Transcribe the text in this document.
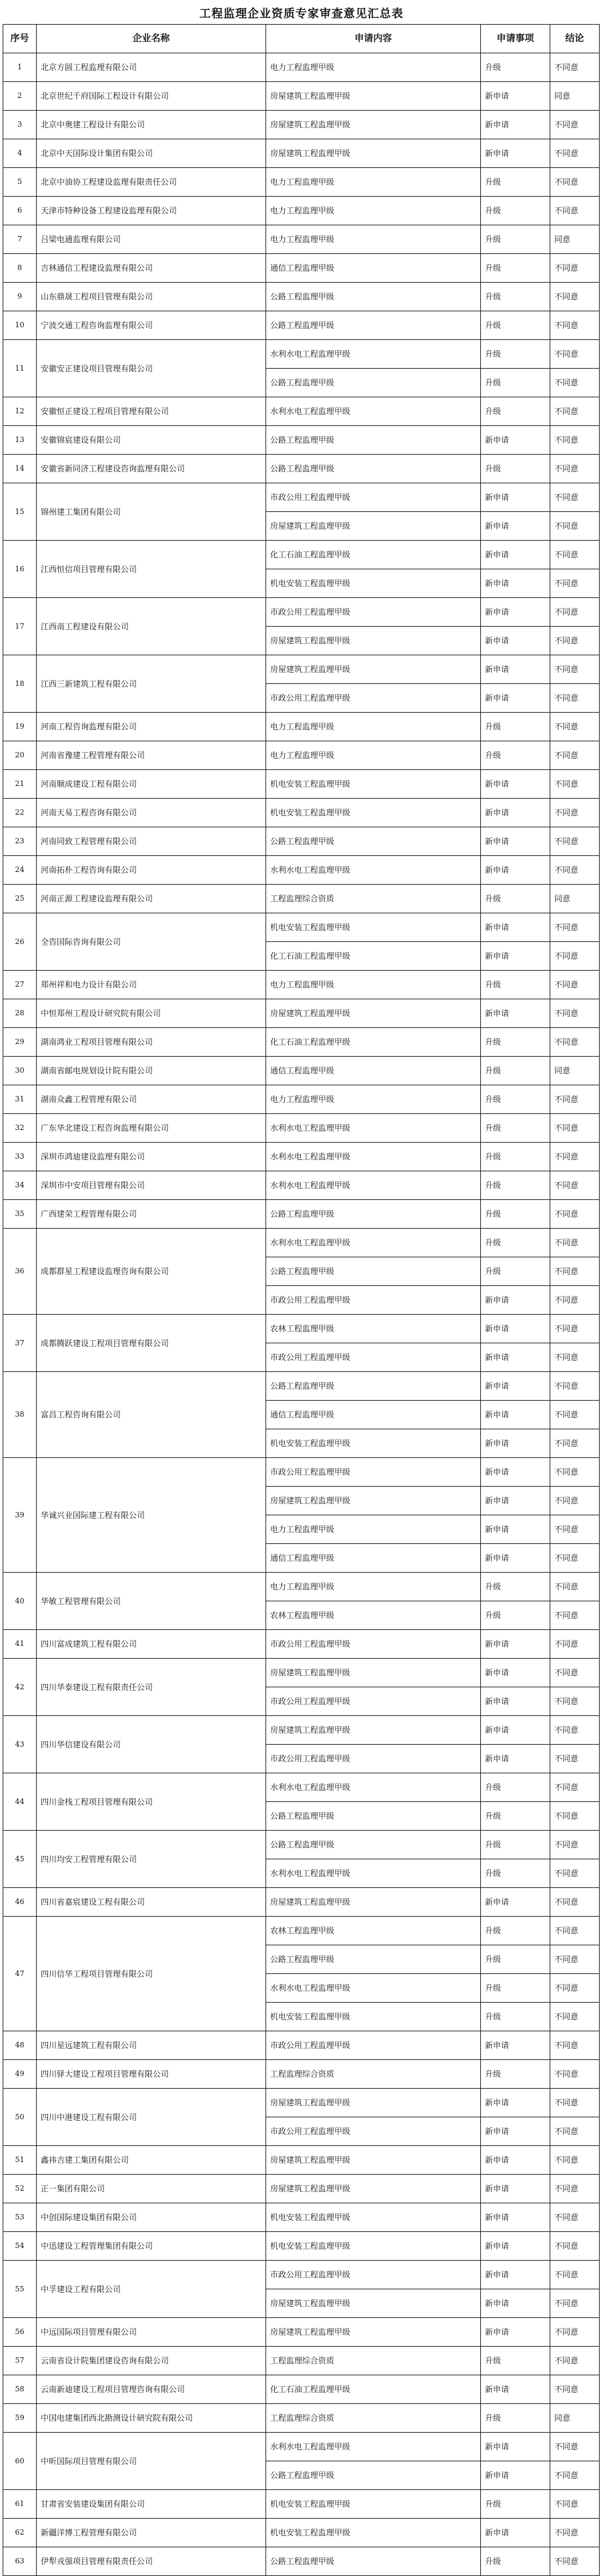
工程监理企业资质专家审查意见汇总表
序号	企业名称	申请内容	申请事项	结论
1	北京方圆工程监理有限公司	电力工程监理甲级	升级	不同意
2	北京世纪千府国际工程设计有限公司	房屋建筑工程监理甲级	新申请	同意
3	北京中奥建工程设计有限公司	房屋建筑工程监理甲级	新申请	不同意
4	北京中天国际设计集团有限公司	房屋建筑工程监理甲级	新申请	不同意
5	北京中油协工程建设监理有限责任公司	电力工程监理甲级	升级	不同意
6	天津市特种设备工程建设监理有限公司	电力工程监理甲级	升级	不同意
7	吕梁电通监理有限公司	电力工程监理甲级	升级	同意
8	吉林通信工程建设监理有限公司	通信工程监理甲级	升级	不同意
9	山东鼎晟工程项目管理有限公司	公路工程监理甲级	升级	不同意
10	宁波交通工程咨询监理有限公司	公路工程监理甲级	升级	不同意
11	安徽安正建设项目管理有限公司	水利水电工程监理甲级	升级	不同意
		公路工程监理甲级	升级	不同意
12	安徽恒正建设工程项目管理有限公司	水利水电工程监理甲级	升级	不同意
13	安徽锦宸建设有限公司	公路工程监理甲级	新申请	不同意
14	安徽省新同济工程建设咨询监理有限公司	公路工程监理甲级	升级	不同意
15	锦州建工集团有限公司	市政公用工程监理甲级	新申请	不同意
		房屋建筑工程监理甲级	新申请	不同意
16	江西恒信项目管理有限公司	化工石油工程监理甲级	新申请	不同意
		机电安装工程监理甲级	新申请	不同意
17	江西南工程建设有限公司	市政公用工程监理甲级	新申请	不同意
		房屋建筑工程监理甲级	新申请	不同意
18	江西三新建筑工程有限公司	房屋建筑工程监理甲级	新申请	不同意
		市政公用工程监理甲级	新申请	不同意
19	河南工程咨询监理有限公司	电力工程监理甲级	升级	不同意
20	河南省豫建工程管理有限公司	电力工程监理甲级	升级	不同意
21	河南顺成建设工程有限公司	机电安装工程监理甲级	新申请	不同意
22	河南天易工程咨询有限公司	机电安装工程监理甲级	新申请	不同意
23	河南同致工程管理有限公司	公路工程监理甲级	新申请	不同意
24	河南拓朴工程咨询有限公司	水利水电工程监理甲级	新申请	不同意
25	河南正源工程建设监理有限公司	工程监理综合资质	升级	同意
26	全咨国际咨询有限公司	机电安装工程监理甲级	新申请	不同意
		化工石油工程监理甲级	新申请	不同意
27	郑州祥和电力设计有限公司	电力工程监理甲级	升级	不同意
28	中恒郑州工程设计研究院有限公司	房屋建筑工程监理甲级	新申请	不同意
29	湖南鸿业工程项目管理有限公司	化工石油工程监理甲级	升级	不同意
30	湖南省邮电规划设计院有限公司	通信工程监理甲级	升级	同意
31	湖南众鑫工程管理有限公司	电力工程监理甲级	升级	不同意
32	广东华北建设工程咨询监理有限公司	水利水电工程监理甲级	升级	不同意
33	深圳市鸿迪建设监理有限公司	水利水电工程监理甲级	升级	不同意
34	深圳市中安项目管理有限公司	水利水电工程监理甲级	升级	不同意
35	广西建荣工程管理有限公司	公路工程监理甲级	升级	不同意
36	成都群星工程建设监理咨询有限公司	水利水电工程监理甲级	升级	不同意
		公路工程监理甲级	升级	不同意
		市政公用工程监理甲级	新申请	不同意
37	成都腾跃建设工程项目管理有限公司	农林工程监理甲级	新申请	不同意
		市政公用工程监理甲级	新申请	不同意
38	富昌工程咨询有限公司	公路工程监理甲级	新申请	不同意
		通信工程监理甲级	新申请	不同意
		机电安装工程监理甲级	新申请	不同意
39	华诚兴业国际建工程有限公司	市政公用工程监理甲级	新申请	不同意
		房屋建筑工程监理甲级	新申请	不同意
		电力工程监理甲级	新申请	不同意
		通信工程监理甲级	新申请	不同意
40	华敏工程管理有限公司	电力工程监理甲级	升级	不同意
		农林工程监理甲级	升级	不同意
41	四川富成建筑工程有限公司	市政公用工程监理甲级	新申请	不同意
42	四川华泰建设工程有限责任公司	房屋建筑工程监理甲级	新申请	不同意
		市政公用工程监理甲级	新申请	不同意
43	四川华信建设有限公司	房屋建筑工程监理甲级	新申请	不同意
		市政公用工程监理甲级	新申请	不同意
44	四川金栈工程项目管理有限公司	水利水电工程监理甲级	升级	不同意
		公路工程监理甲级	升级	不同意
45	四川均安工程管理有限公司	公路工程监理甲级	升级	不同意
		水利水电工程监理甲级	升级	不同意
46	四川省嘉宸建设工程有限公司	房屋建筑工程监理甲级	新申请	不同意
47	四川信华工程项目管理有限公司	农林工程监理甲级	升级	不同意
		公路工程监理甲级	升级	不同意
		水利水电工程监理甲级	升级	不同意
		机电安装工程监理甲级	升级	不同意
48	四川星远建筑工程有限公司	市政公用工程监理甲级	新申请	不同意
49	四川驿大建设工程项目管理有限公司	工程监理综合资质	升级	不同意
50	四川中港建设工程有限公司	房屋建筑工程监理甲级	新申请	不同意
		市政公用工程监理甲级	新申请	不同意
51	鑫祎吉建工集团有限公司	房屋建筑工程监理甲级	新申请	不同意
52	正一集团有限公司	房屋建筑工程监理甲级	新申请	不同意
53	中创国际建设集团有限公司	机电安装工程监理甲级	新申请	不同意
54	中迅建设工程管理集团有限公司	机电安装工程监理甲级	新申请	不同意
55	中孚建设工程有限公司	市政公用工程监理甲级	新申请	不同意
		房屋建筑工程监理甲级	新申请	不同意
56	中远国际项目管理有限公司	房屋建筑工程监理甲级	新申请	不同意
57	云南省设计院集团建设咨询有限公司	工程监理综合资质	升级	不同意
58	云南新迪建设工程项目管理咨询有限公司	化工石油工程监理甲级	新申请	不同意
59	中国电建集团西北勘测设计研究院有限公司	工程监理综合资质	升级	同意
60	中昕国际项目管理有限公司	水利水电工程监理甲级	新申请	不同意
		公路工程监理甲级	新申请	不同意
61	甘肃省安装建设集团有限公司	机电安装工程监理甲级	升级	不同意
62	新疆洋博工程管理有限公司	机电安装工程监理甲级	新申请	不同意
63	伊犁戎强项目管理有限责任公司	公路工程监理甲级	升级	不同意
